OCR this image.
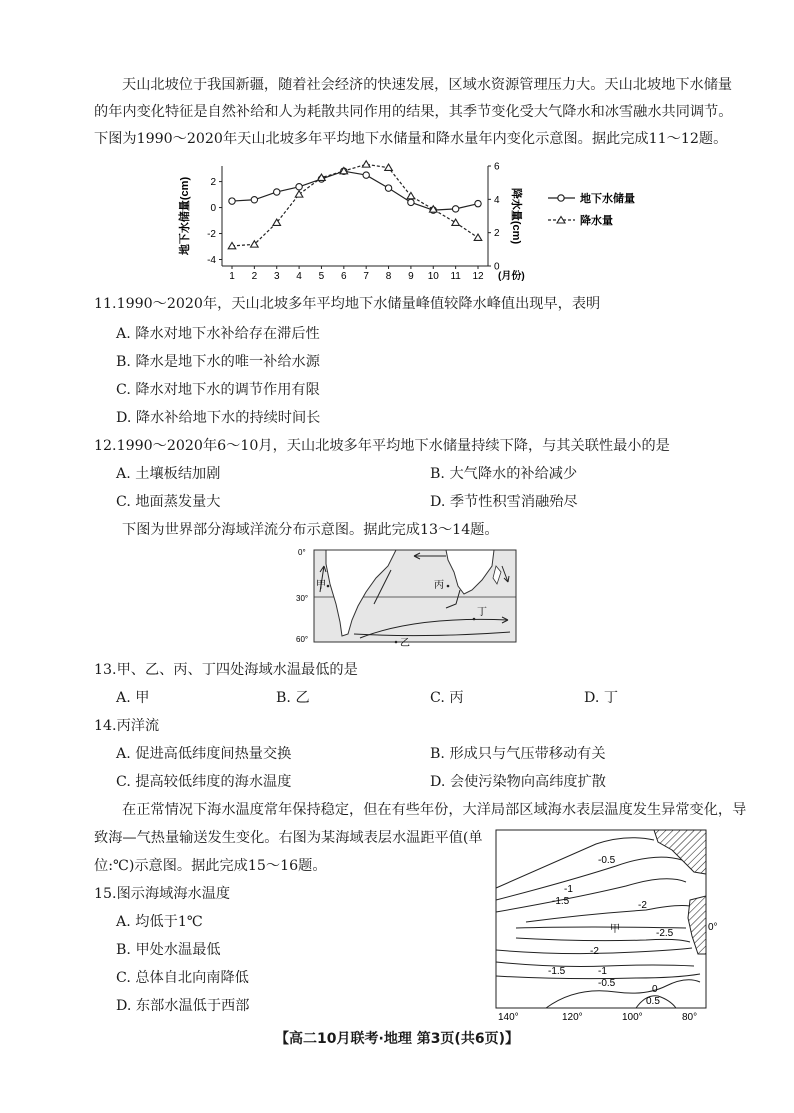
天山北坡位于我国新疆，随着社会经济的快速发展，区域水资源管理压力大。天山北坡地下水储量的年内变化特征是自然补给和人为耗散共同作用的结果，其季节变化受大气降水和冰雪融水共同调节。下图为1990～2020年天山北坡多年平均地下水储量和降水量年内变化示意图。据此完成11～12题。

地下水储量(cm)	降水量(cm)
2
0
-2
-4
6
4
2
0
1 2 3 4 5 6 7 8 9 10 11 12 (月份)
地下水储量
降水量
11.1990～2020年，天山北坡多年平均地下水储量峰值较降水峰值出现早，表明
A. 降水对地下水补给存在滞后性
B. 降水是地下水的唯一补给水源
C. 降水对地下水的调节作用有限
D. 降水补给地下水的持续时间长
12.1990～2020年6～10月，天山北坡多年平均地下水储量持续下降，与其关联性最小的是
A. 土壤板结加剧	B. 大气降水的补给减少
C. 地面蒸发量大	D. 季节性积雪消融殆尽
下图为世界部分海域洋流分布示意图。据此完成13～14题。
0°
30°
60°
甲	丙
丁
乙
13.甲、乙、丙、丁四处海域水温最低的是
A. 甲	B. 乙	C. 丙	D. 丁
14.丙洋流
A. 促进高低纬度间热量交换	B. 形成只与气压带移动有关
C. 提高较低纬度的海水温度	D. 会使污染物向高纬度扩散
在正常情况下海水温度常年保持稳定，但在有些年份，大洋局部区域海水表层温度发生异常变化，导
致海—气热量输送发生变化。右图为某海域表层水温距平值(单
位:℃)示意图。据此完成15～16题。	-0.5
-1
-1.5	-2
甲	-2.5
-2
-1.5	-1
-0.5
0
0.5
140°	120°	100°	80°
0°
15.图示海域海水温度
A. 均低于1℃
B. 甲处水温最低
C. 总体自北向南降低
D. 东部水温低于西部
【高二10月联考·地理 第3页(共6页)】
